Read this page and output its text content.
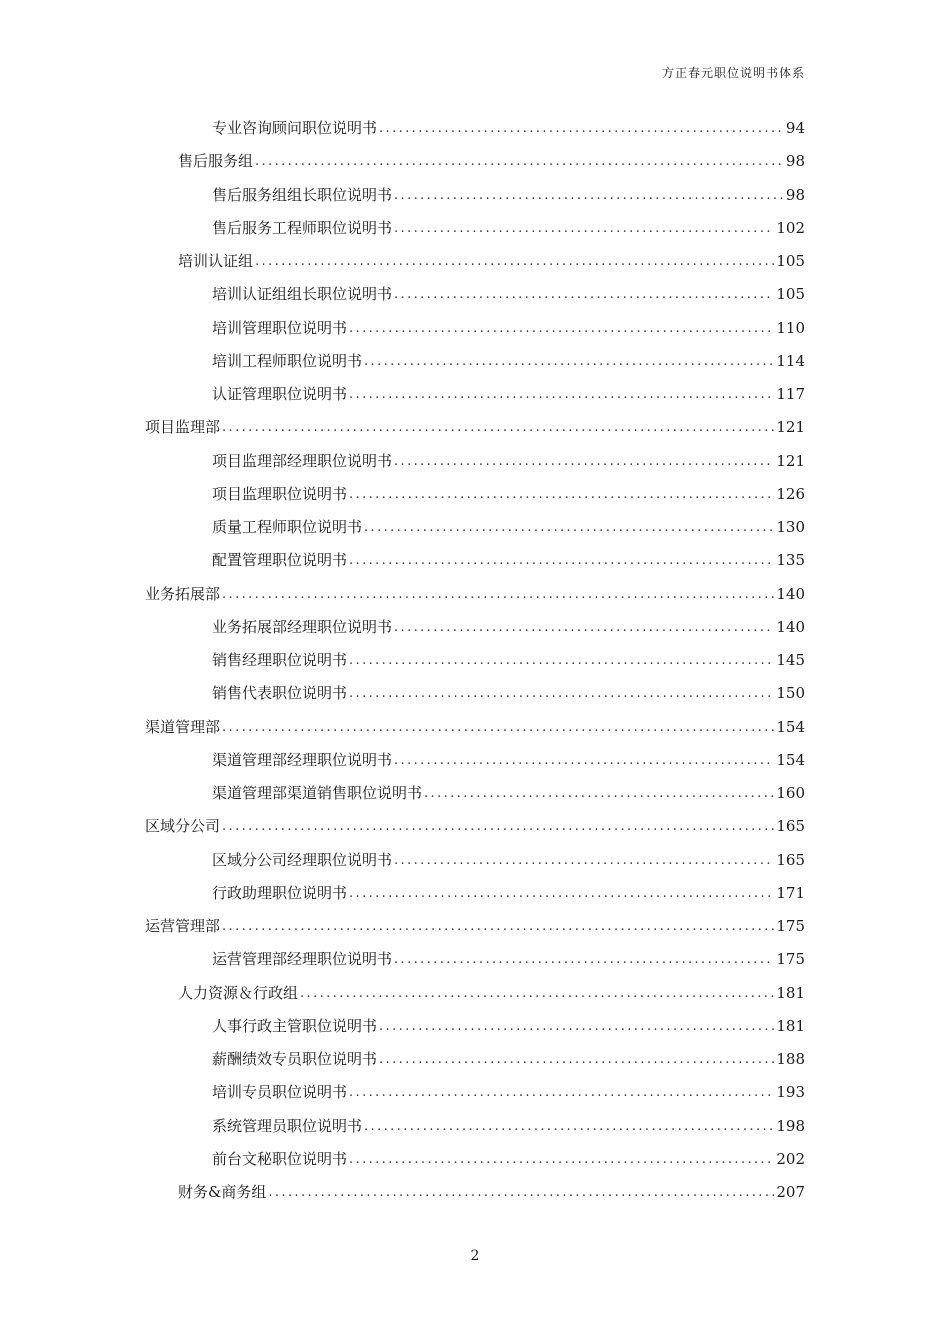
方正春元职位说明书体系
专业咨询顾问职位说明书 .....	94
售后服务组 .....	98
售后服务组组长职位说明书 .....	98
售后服务工程师职位说明书 .....	102
培训认证组 .....	105
培训认证组组长职位说明书 .....	105
培训管理职位说明书 .....	110
培训工程师职位说明书 .....	114
认证管理职位说明书 .....	117
项目监理部 .....	121
项目监理部经理职位说明书 .....	121
项目监理职位说明书 .....	126
质量工程师职位说明书 .....	130
配置管理职位说明书 .....	135
业务拓展部 .....	140
业务拓展部经理职位说明书 .....	140
销售经理职位说明书 .....	145
销售代表职位说明书 .....	150
渠道管理部 .....	154
渠道管理部经理职位说明书 .....	154
渠道管理部渠道销售职位说明书 .....	160
区域分公司 .....	165
区域分公司经理职位说明书 .....	165
行政助理职位说明书 .....	171
运营管理部 .....	175
运营管理部经理职位说明书 .....	175
人力资源＆行政组 .....	181
人事行政主管职位说明书 .....	181
薪酬绩效专员职位说明书 .....	188
培训专员职位说明书 .....	193
系统管理员职位说明书 .....	198
前台文秘职位说明书 .....	202
财务&商务组 .....	207
2
